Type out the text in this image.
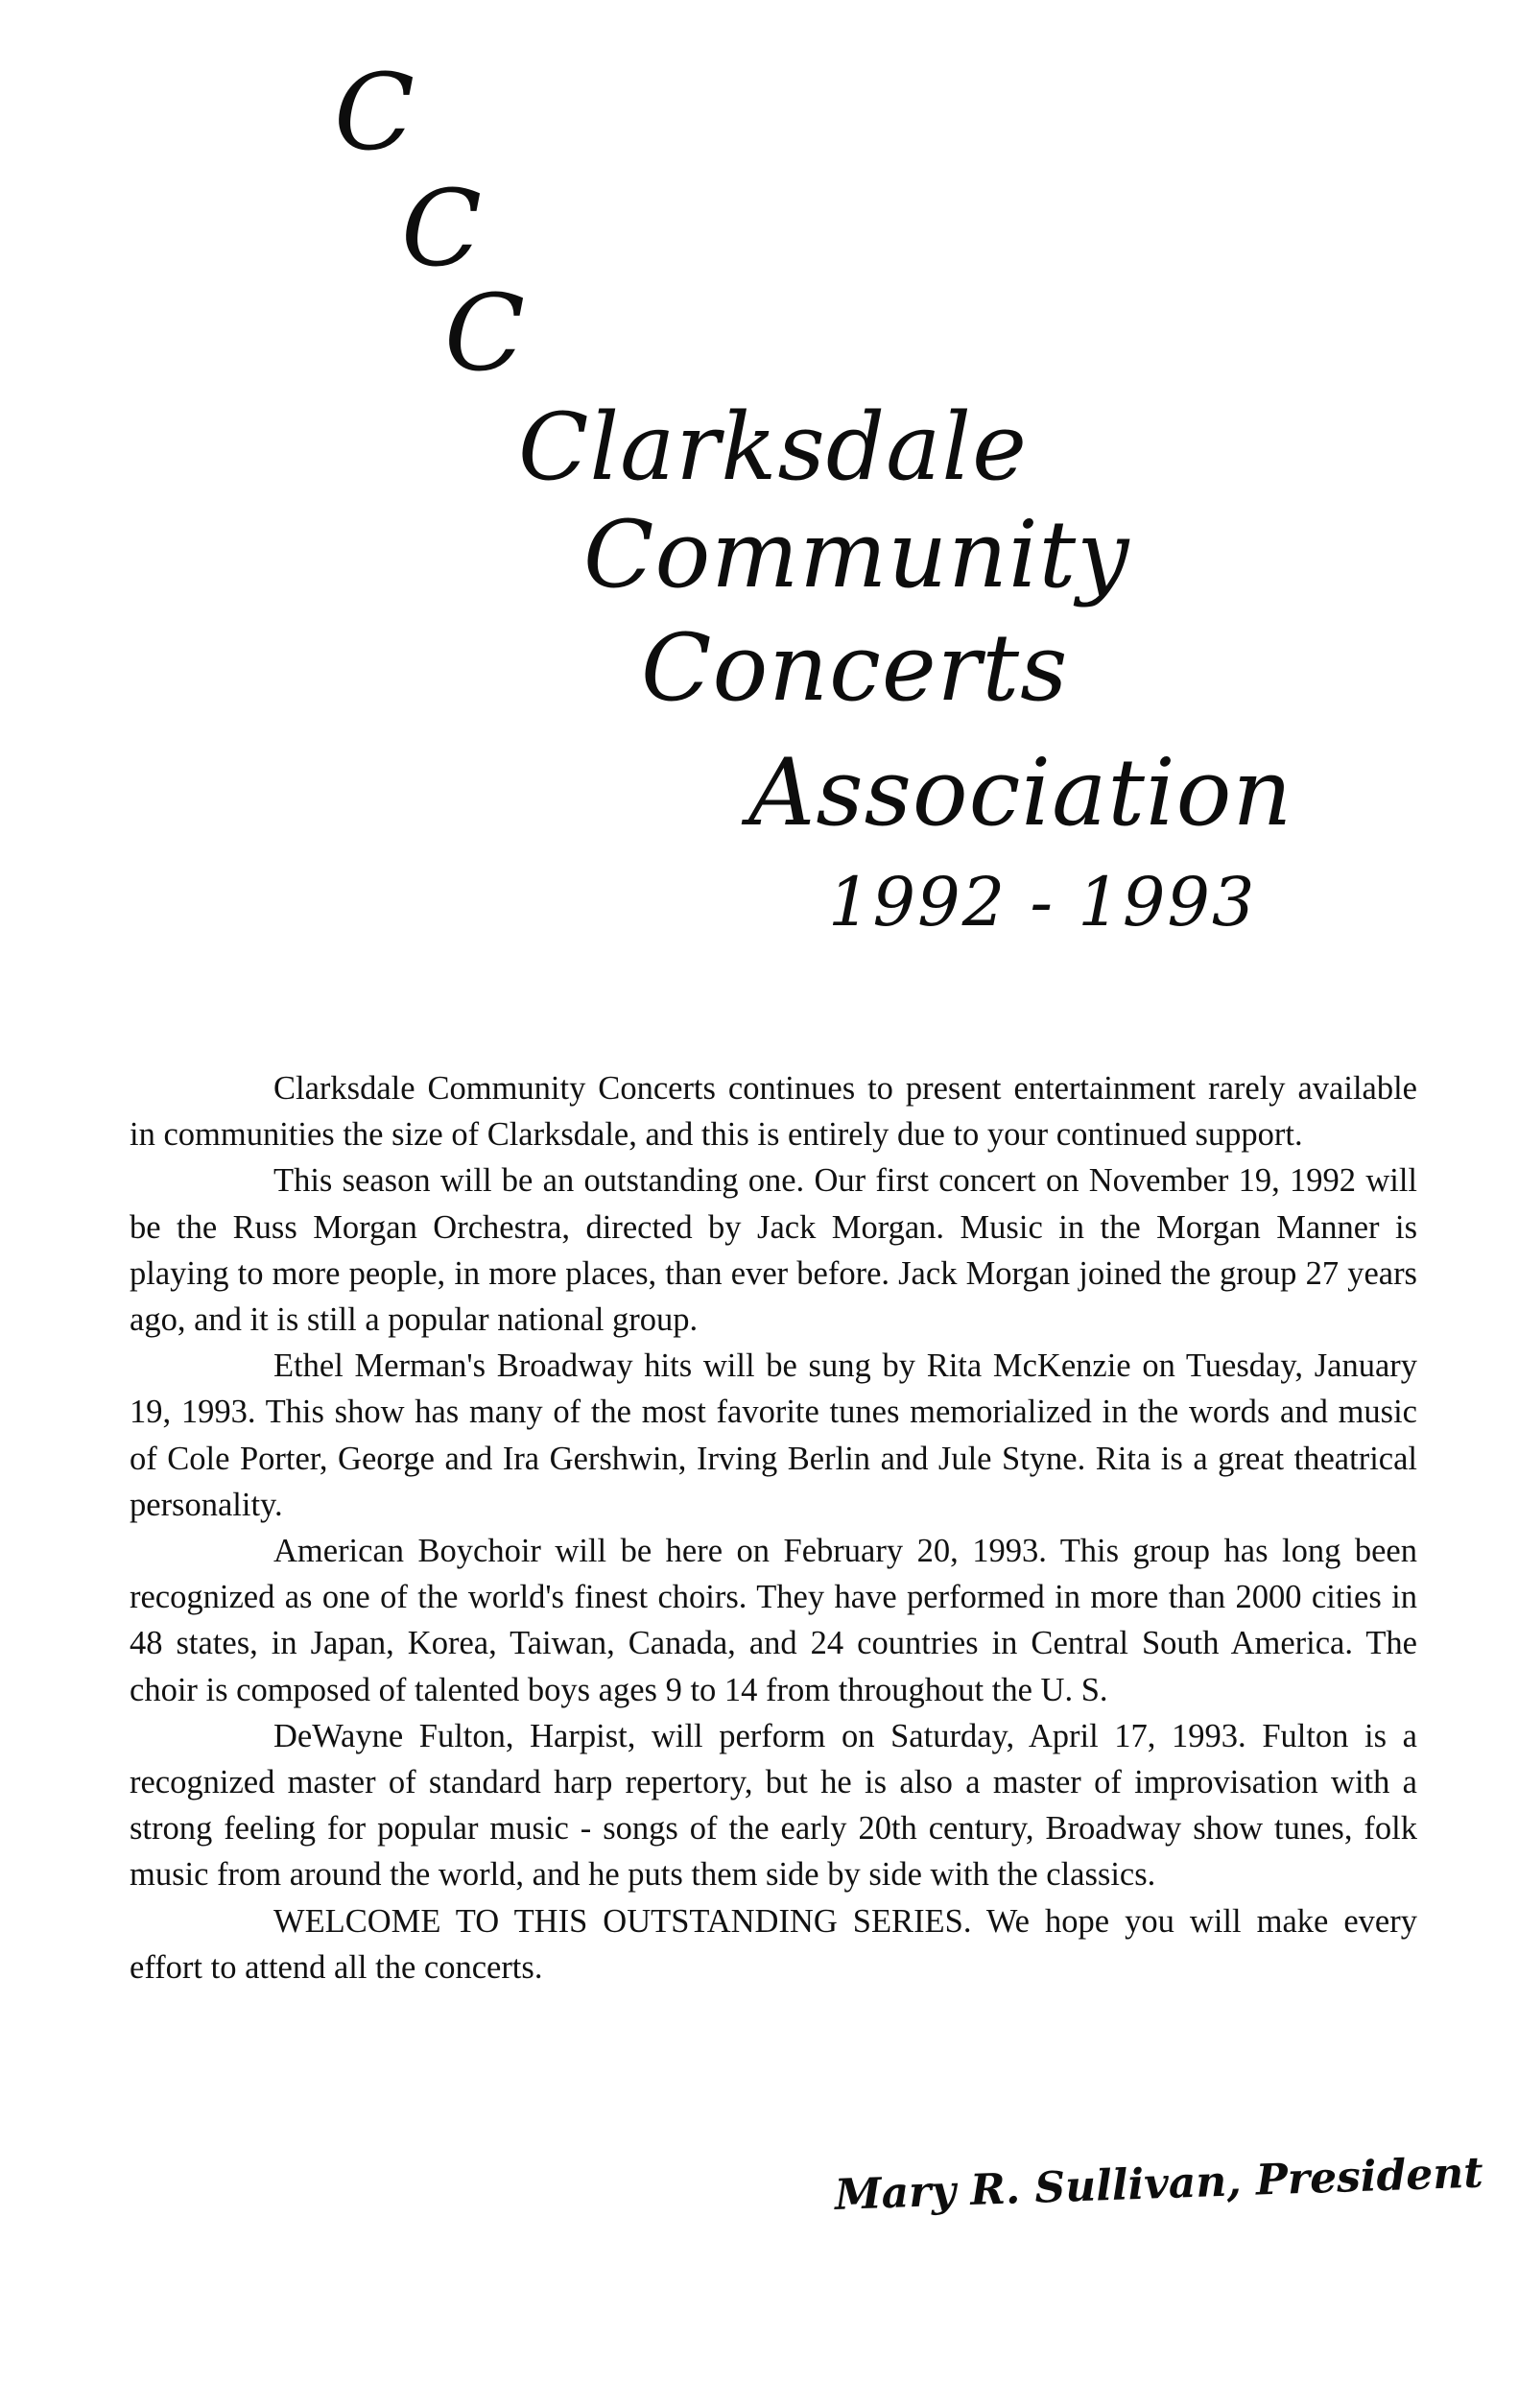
C
C
C
Clarksdale
Community
Concerts
Association
1992 - 1993

Clarksdale Community Concerts continues to present entertainment rarely available in communities the size of Clarksdale, and this is entirely due to your continued support.

This season will be an outstanding one. Our first concert on November 19, 1992 will be the Russ Morgan Orchestra, directed by Jack Morgan. Music in the Morgan Manner is playing to more people, in more places, than ever before. Jack Morgan joined the group 27 years ago, and it is still a popular national group.

Ethel Merman's Broadway hits will be sung by Rita McKenzie on Tuesday, January 19, 1993. This show has many of the most favorite tunes memorialized in the words and music of Cole Porter, George and Ira Gershwin, Irving Berlin and Jule Styne. Rita is a great theatrical personality.

American Boychoir will be here on February 20, 1993. This group has long been recognized as one of the world's finest choirs. They have performed in more than 2000 cities in 48 states, in Japan, Korea, Taiwan, Canada, and 24 countries in Central South America. The choir is composed of talented boys ages 9 to 14 from throughout the U. S.

DeWayne Fulton, Harpist, will perform on Saturday, April 17, 1993. Fulton is a recognized master of standard harp repertory, but he is also a master of improvisation with a strong feeling for popular music - songs of the early 20th century, Broadway show tunes, folk music from around the world, and he puts them side by side with the classics.

WELCOME TO THIS OUTSTANDING SERIES. We hope you will make every effort to attend all the concerts.

Mary R. Sullivan, President
